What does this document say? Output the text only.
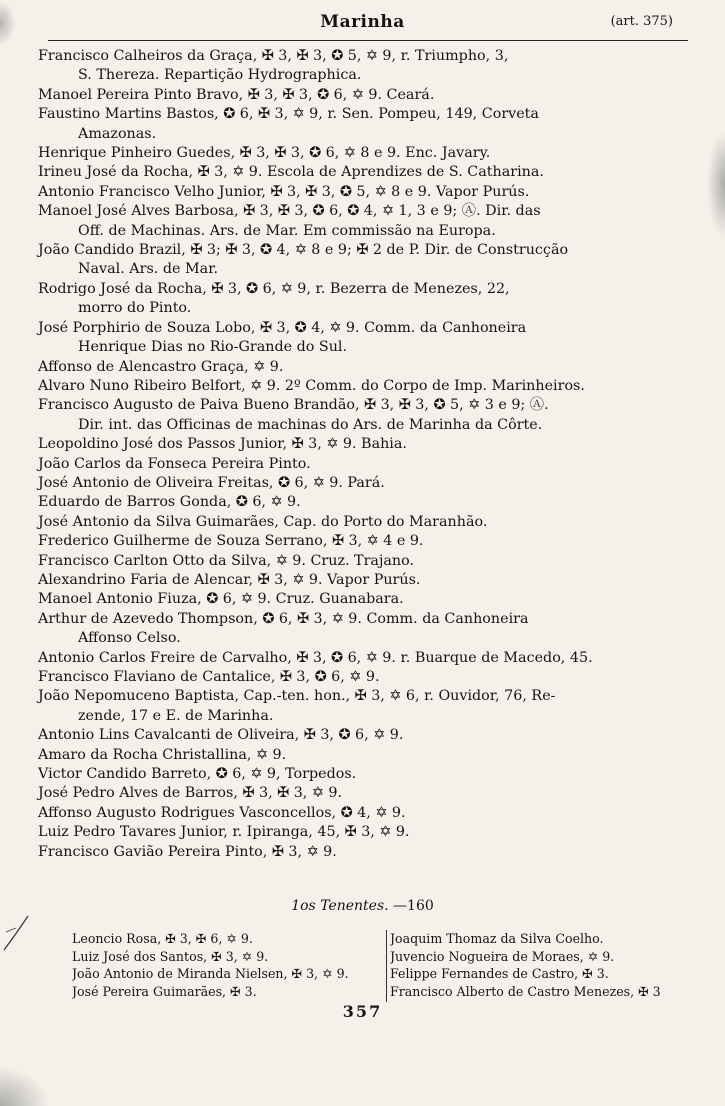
Marinha	(art. 375)
Francisco Calheiros da Graça, ✠ 3, ✠ 3, ✪ 5, ✡ 9, r. Triumpho, 3,
S. Thereza. Repartição Hydrographica.
Manoel Pereira Pinto Bravo, ✠ 3, ✠ 3, ✪ 6, ✡ 9. Ceará.
Faustino Martins Bastos, ✪ 6, ✠ 3, ✡ 9, r. Sen. Pompeu, 149, Corveta
Amazonas.
Henrique Pinheiro Guedes, ✠ 3, ✠ 3, ✪ 6, ✡ 8 e 9. Enc. Javary.
Irineu José da Rocha, ✠ 3, ✡ 9. Escola de Aprendizes de S. Catharina.
Antonio Francisco Velho Junior, ✠ 3, ✠ 3, ✪ 5, ✡ 8 e 9. Vapor Purús.
Manoel José Alves Barbosa, ✠ 3, ✠ 3, ✪ 6, ✪ 4, ✡ 1, 3 e 9; Ⓐ. Dir. das
Off. de Machinas. Ars. de Mar. Em commissão na Europa.
João Candido Brazil, ✠ 3; ✠ 3, ✪ 4, ✡ 8 e 9; ✠ 2 de P. Dir. de Construcção
Naval. Ars. de Mar.
Rodrigo José da Rocha, ✠ 3, ✪ 6, ✡ 9, r. Bezerra de Menezes, 22,
morro do Pinto.
José Porphirio de Souza Lobo, ✠ 3, ✪ 4, ✡ 9. Comm. da Canhoneira
Henrique Dias no Rio-Grande do Sul.
Affonso de Alencastro Graça, ✡ 9.
Alvaro Nuno Ribeiro Belfort, ✡ 9. 2º Comm. do Corpo de Imp. Marinheiros.
Francisco Augusto de Paiva Bueno Brandão, ✠ 3, ✠ 3, ✪ 5, ✡ 3 e 9; Ⓐ.
Dir. int. das Officinas de machinas do Ars. de Marinha da Côrte.
Leopoldino José dos Passos Junior, ✠ 3, ✡ 9. Bahia.
João Carlos da Fonseca Pereira Pinto.
José Antonio de Oliveira Freitas, ✪ 6, ✡ 9. Pará.
Eduardo de Barros Gonda, ✪ 6, ✡ 9.
José Antonio da Silva Guimarães, Cap. do Porto do Maranhão.
Frederico Guilherme de Souza Serrano, ✠ 3, ✡ 4 e 9.
Francisco Carlton Otto da Silva, ✡ 9. Cruz. Trajano.
Alexandrino Faria de Alencar, ✠ 3, ✡ 9. Vapor Purús.
Manoel Antonio Fiuza, ✪ 6, ✡ 9. Cruz. Guanabara.
Arthur de Azevedo Thompson, ✪ 6, ✠ 3, ✡ 9. Comm. da Canhoneira
Affonso Celso.
Antonio Carlos Freire de Carvalho, ✠ 3, ✪ 6, ✡ 9. r. Buarque de Macedo, 45.
Francisco Flaviano de Cantalice, ✠ 3, ✪ 6, ✡ 9.
João Nepomuceno Baptista, Cap.-ten. hon., ✠ 3, ✡ 6, r. Ouvidor, 76, Re-
zende, 17 e E. de Marinha.
Antonio Lins Cavalcanti de Oliveira, ✠ 3, ✪ 6, ✡ 9.
Amaro da Rocha Christallina, ✡ 9.
Victor Candido Barreto, ✪ 6, ✡ 9, Torpedos.
José Pedro Alves de Barros, ✠ 3, ✠ 3, ✡ 9.
Affonso Augusto Rodrigues Vasconcellos, ✪ 4, ✡ 9.
Luiz Pedro Tavares Junior, r. Ipiranga, 45, ✠ 3, ✡ 9.
Francisco Gavião Pereira Pinto, ✠ 3, ✡ 9.
1os Tenentes. —160
Leoncio Rosa, ✠ 3, ✠ 6, ✡ 9.
Luiz José dos Santos, ✠ 3, ✡ 9.
João Antonio de Miranda Nielsen, ✠ 3, ✡ 9.
José Pereira Guimarães, ✠ 3.
Joaquim Thomaz da Silva Coelho.
Juvencio Nogueira de Moraes, ✡ 9.
Felippe Fernandes de Castro, ✠ 3.
Francisco Alberto de Castro Menezes, ✠ 3
357
